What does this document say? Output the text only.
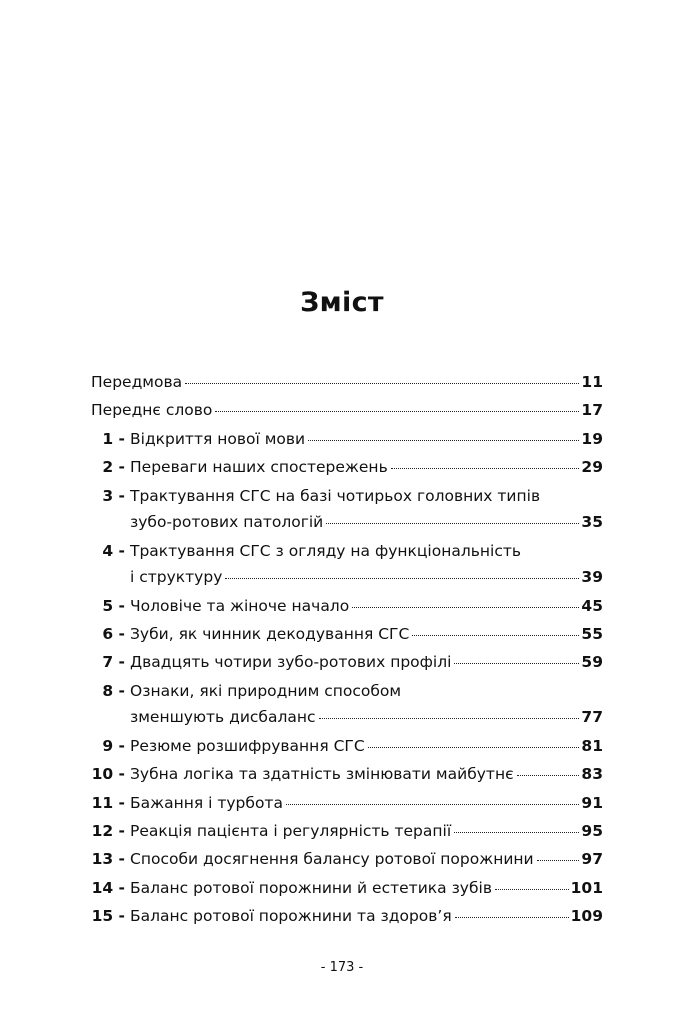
Зміст
Передмова	11
Переднє слово	17
1 - Відкриття нової мови	19
2 - Переваги наших спостережень	29
3 - Трактування СГС на базі чотирьох головних типів
зубо-ротових патологій	35
4 - Трактування СГС з огляду на функціональність
і структуру	39
5 - Чоловіче та жіноче начало	45
6 - Зуби, як чинник декодування СГС	55
7 - Двадцять чотири зубо-ротових профілі	59
8 - Ознаки, які природним способом
зменшують дисбаланс	77
9 - Резюме розшифрування СГС	81
10 - Зубна логіка та здатність змінювати майбутнє	83
11 - Бажання і турбота	91
12 - Реакція пацієнта і регулярність терапії	95
13 - Способи досягнення балансу ротової порожнини	97
14 - Баланс ротової порожнини й естетика зубів	101
15 - Баланс ротової порожнини та здоров’я	109
- 173 -
